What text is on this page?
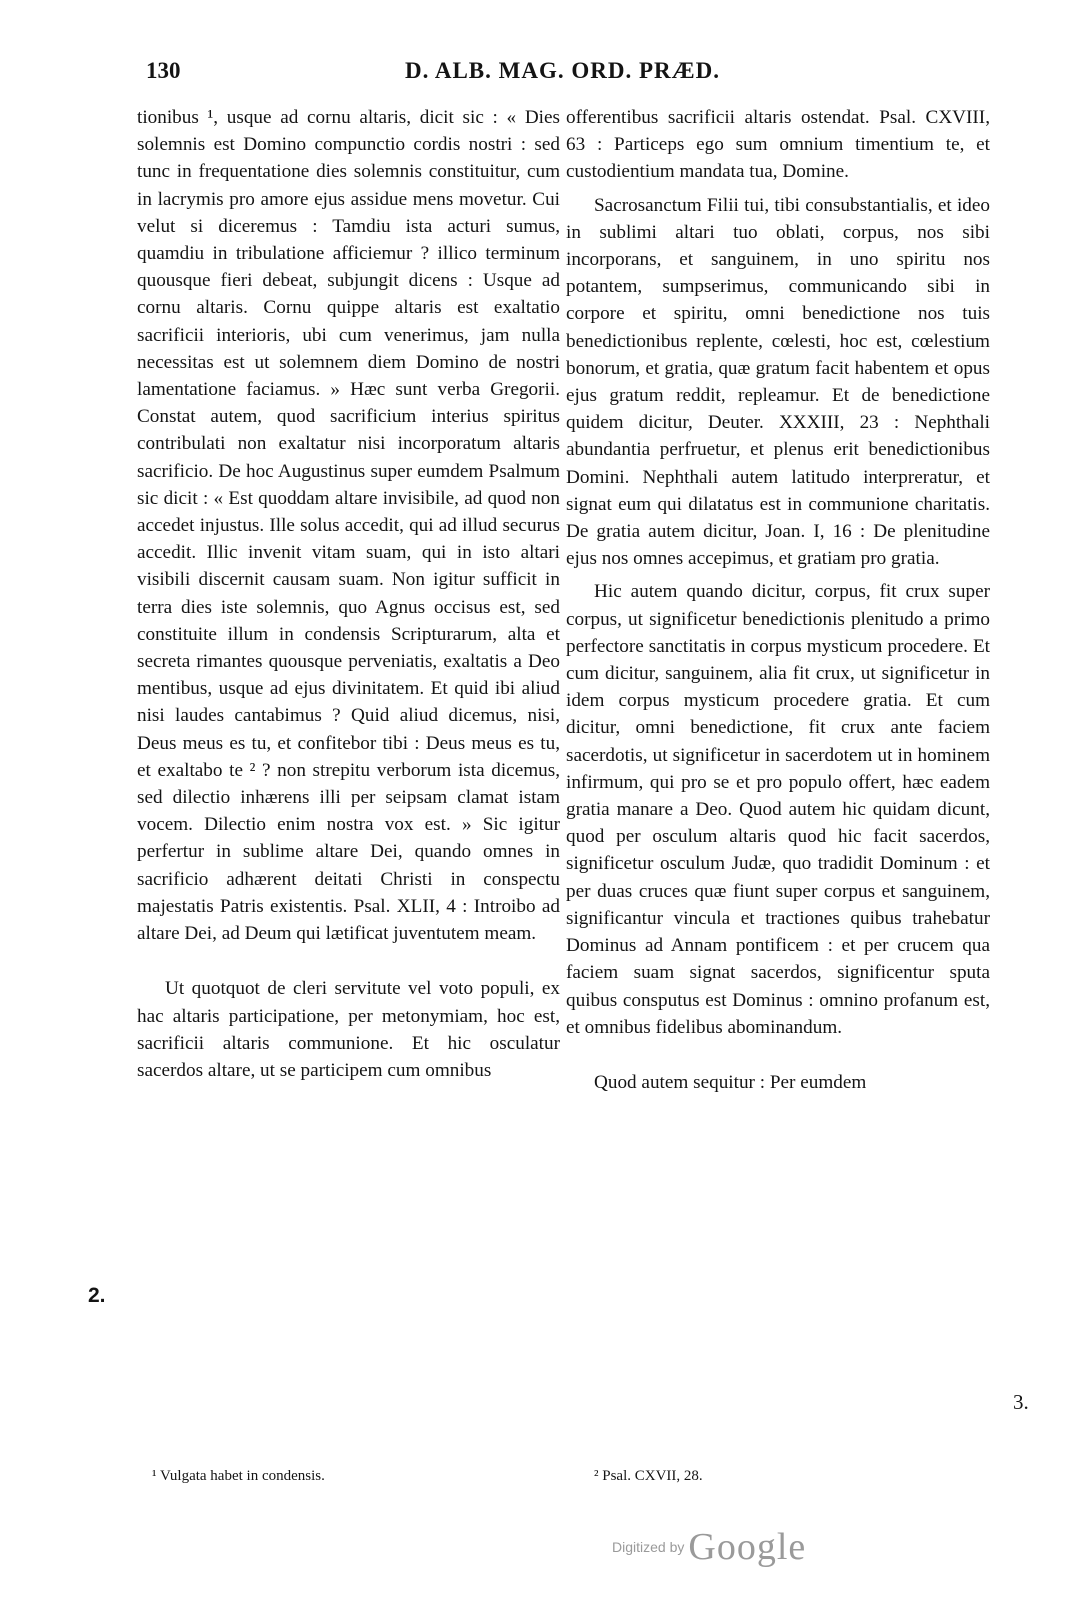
130	D. ALB. MAG. ORD. PRÆD.

tionibus ¹, usque ad cornu altaris, dicit sic : « Dies solemnis est Domino compunctio cordis nostri : sed tunc in frequentatione dies solemnis constituitur, cum in lacrymis pro amore ejus assidue mens movetur. Cui velut si diceremus : Tamdiu ista acturi sumus, quamdiu in tribulatione afficiemur ? illico terminum quousque fieri debeat, subjungit dicens : Usque ad cornu altaris. Cornu quippe altaris est exaltatio sacrificii interioris, ubi cum venerimus, jam nulla necessitas est ut solemnem diem Domino de nostri lamentatione faciamus. » Hæc sunt verba Gregorii. Constat autem, quod sacrificium interius spiritus contribulati non exaltatur nisi incorporatum altaris sacrificio. De hoc Augustinus super eumdem Psalmum sic dicit : « Est quoddam altare invisibile, ad quod non accedet injustus. Ille solus accedit, qui ad illud securus accedit. Illic invenit vitam suam, qui in isto altari visibili discernit causam suam. Non igitur sufficit in terra dies iste solemnis, quo Agnus occisus est, sed constituite illum in condensis Scripturarum, alta et secreta rimantes quousque perveniatis, exaltatis a Deo mentibus, usque ad ejus divinitatem. Et quid ibi aliud nisi laudes cantabimus ? Quid aliud dicemus, nisi, Deus meus es tu, et confitebor tibi : Deus meus es tu, et exaltabo te ² ? non strepitu verborum ista dicemus, sed dilectio inhærens illi per seipsam clamat istam vocem. Dilectio enim nostra vox est. » Sic igitur perfertur in sublime altare Dei, quando omnes in sacrificio adhærent deitati Christi in conspectu majestatis Patris existentis. Psal. XLII, 4 : Introibo ad altare Dei, ad Deum qui lætificat juventutem meam.

Ut quotquot de cleri servitute vel voto populi, ex hac altaris participatione, per metonymiam, hoc est, sacrificii altaris communione. Et hic osculatur sacerdos altare, ut se participem cum omnibus

offerentibus sacrificii altaris ostendat. Psal. CXVIII, 63 : Particeps ego sum omnium timentium te, et custodientium mandata tua, Domine.

Sacrosanctum Filii tui, tibi consubstantialis, et ideo in sublimi altari tuo oblati, corpus, nos sibi incorporans, et sanguinem, in uno spiritu nos potantem, sumpserimus, communicando sibi in corpore et spiritu, omni benedictione nos tuis benedictionibus replente, cœlesti, hoc est, cœlestium bonorum, et gratia, quæ gratum facit habentem et opus ejus gratum reddit, repleamur. Et de benedictione quidem dicitur, Deuter. XXXIII, 23 : Nephthali abundantia perfruetur, et plenus erit benedictionibus Domini. Nephthali autem latitudo interpreratur, et signat eum qui dilatatus est in communione charitatis. De gratia autem dicitur, Joan. I, 16 : De plenitudine ejus nos omnes accepimus, et gratiam pro gratia.

Hic autem quando dicitur, corpus, fit crux super corpus, ut significetur benedictionis plenitudo a primo perfectore sanctitatis in corpus mysticum procedere. Et cum dicitur, sanguinem, alia fit crux, ut significetur in idem corpus mysticum procedere gratia. Et cum dicitur, omni benedictione, fit crux ante faciem sacerdotis, ut significetur in sacerdotem ut in hominem infirmum, qui pro se et pro populo offert, hæc eadem gratia manare a Deo. Quod autem hic quidam dicunt, quod per osculum altaris quod hic facit sacerdos, significetur osculum Judæ, quo tradidit Dominum : et per duas cruces quæ fiunt super corpus et sanguinem, significantur vincula et tractiones quibus trahebatur Dominus ad Annam pontificem : et per crucem qua faciem suam signat sacerdos, significentur sputa quibus consputus est Dominus : omnino profanum est, et omnibus fidelibus abominandum.

Quod autem sequitur : Per eumdem

2.
3.
¹ Vulgata habet in condensis.	² Psal. CXVII, 28.
Digitized by Google
